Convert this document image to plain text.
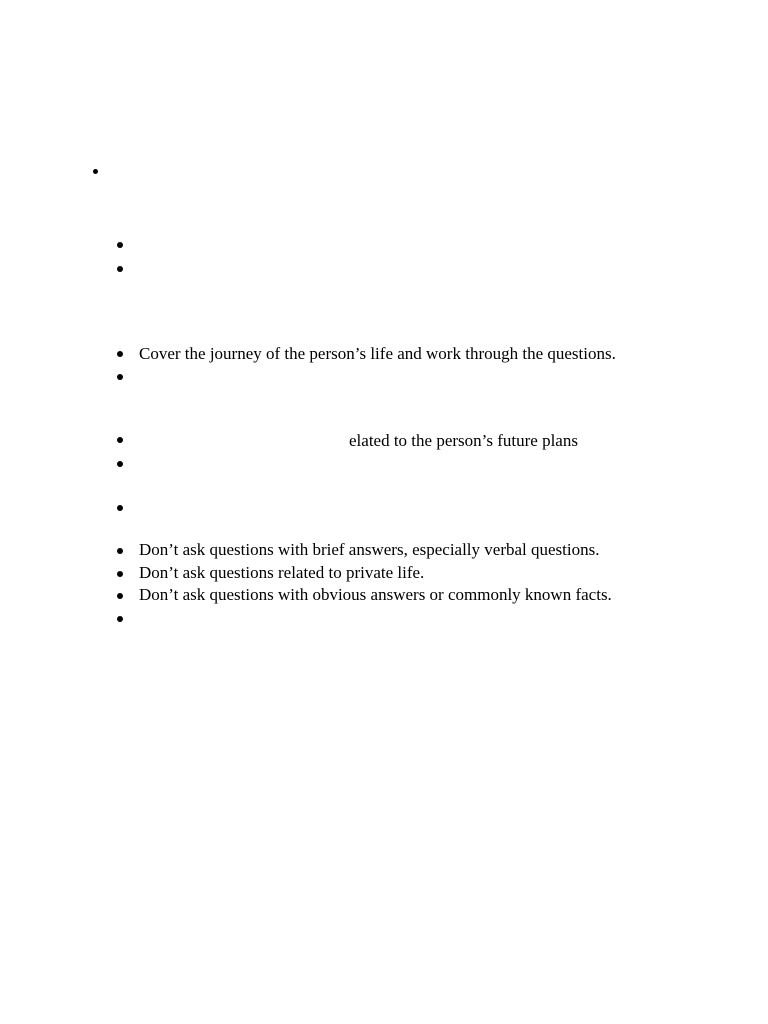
Cover the journey of the person’s life and work through the questions.
elated to the person’s future plans
Don’t ask questions with brief answers, especially verbal questions.
Don’t ask questions related to private life.
Don’t ask questions with obvious answers or commonly known facts.
